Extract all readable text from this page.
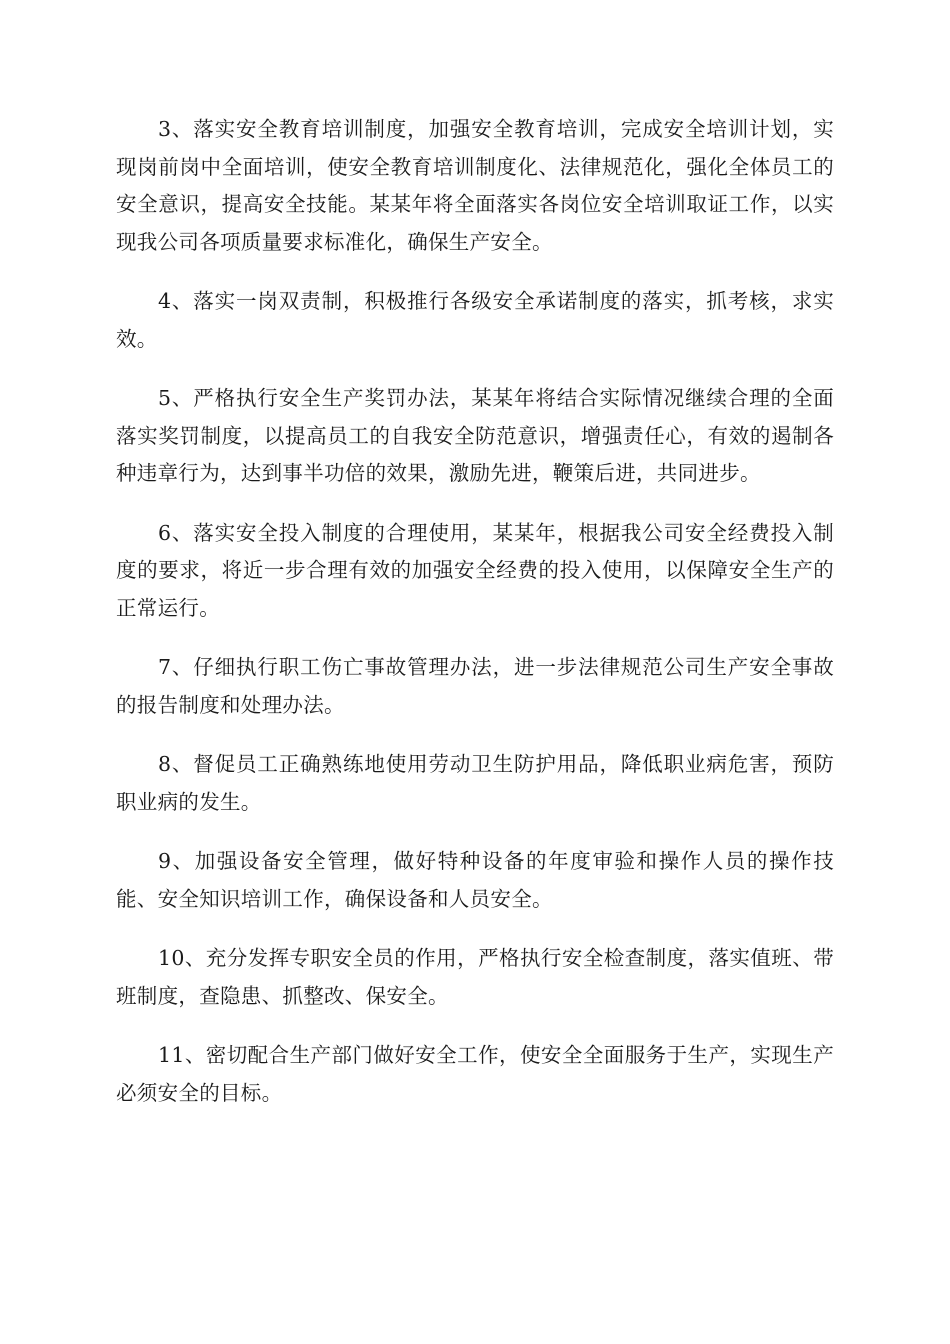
3、落实安全教育培训制度，加强安全教育培训，完成安全培训计划，实现岗前岗中全面培训，使安全教育培训制度化、法律规范化，强化全体员工的安全意识，提高安全技能。某某年将全面落实各岗位安全培训取证工作，以实现我公司各项质量要求标准化，确保生产安全。

4、落实一岗双责制，积极推行各级安全承诺制度的落实，抓考核，求实效。

5、严格执行安全生产奖罚办法，某某年将结合实际情况继续合理的全面落实奖罚制度，以提高员工的自我安全防范意识，增强责任心，有效的遏制各种违章行为，达到事半功倍的效果，激励先进，鞭策后进，共同进步。

6、落实安全投入制度的合理使用，某某年，根据我公司安全经费投入制度的要求，将近一步合理有效的加强安全经费的投入使用，以保障安全生产的正常运行。

7、仔细执行职工伤亡事故管理办法，进一步法律规范公司生产安全事故的报告制度和处理办法。

8、督促员工正确熟练地使用劳动卫生防护用品，降低职业病危害，预防职业病的发生。

9、加强设备安全管理，做好特种设备的年度审验和操作人员的操作技能、安全知识培训工作，确保设备和人员安全。

10、充分发挥专职安全员的作用，严格执行安全检查制度，落实值班、带班制度，查隐患、抓整改、保安全。

11、密切配合生产部门做好安全工作，使安全全面服务于生产，实现生产必须安全的目标。
